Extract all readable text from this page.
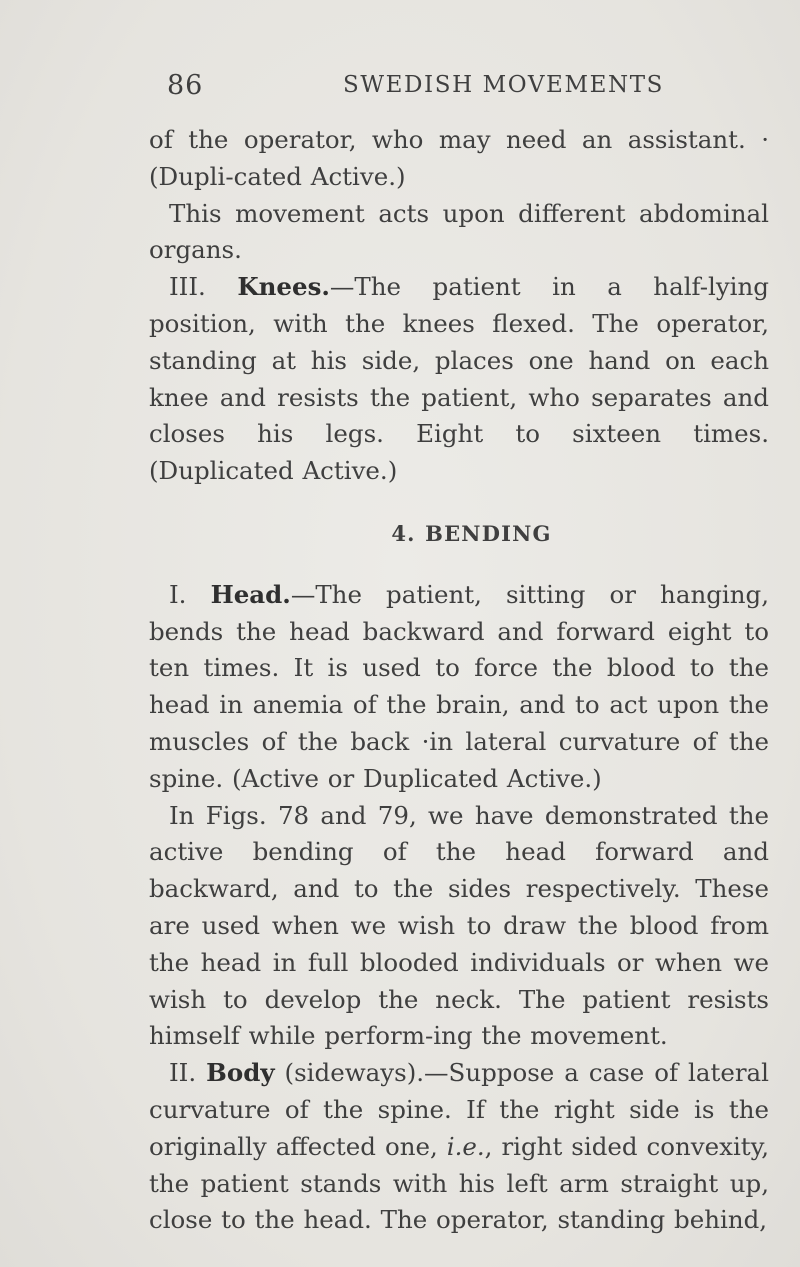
86	SWEDISH MOVEMENTS

of the operator, who may need an assistant. · (Dupli-cated Active.)

This movement acts upon different abdominal organs.

III. Knees.—The patient in a half-lying position, with the knees flexed. The operator, standing at his side, places one hand on each knee and resists the patient, who separates and closes his legs. Eight to sixteen times. (Duplicated Active.)

4. BENDING

I. Head.—The patient, sitting or hanging, bends the head backward and forward eight to ten times. It is used to force the blood to the head in anemia of the brain, and to act upon the muscles of the back ·in lateral curvature of the spine. (Active or Duplicated Active.)

In Figs. 78 and 79, we have demonstrated the active bending of the head forward and backward, and to the sides respectively. These are used when we wish to draw the blood from the head in full blooded individuals or when we wish to develop the neck. The patient resists himself while perform-ing the movement.

II. Body (sideways).—Suppose a case of lateral curvature of the spine. If the right side is the originally affected one, i.e., right sided convexity, the patient stands with his left arm straight up, close to the head. The operator, standing behind,
